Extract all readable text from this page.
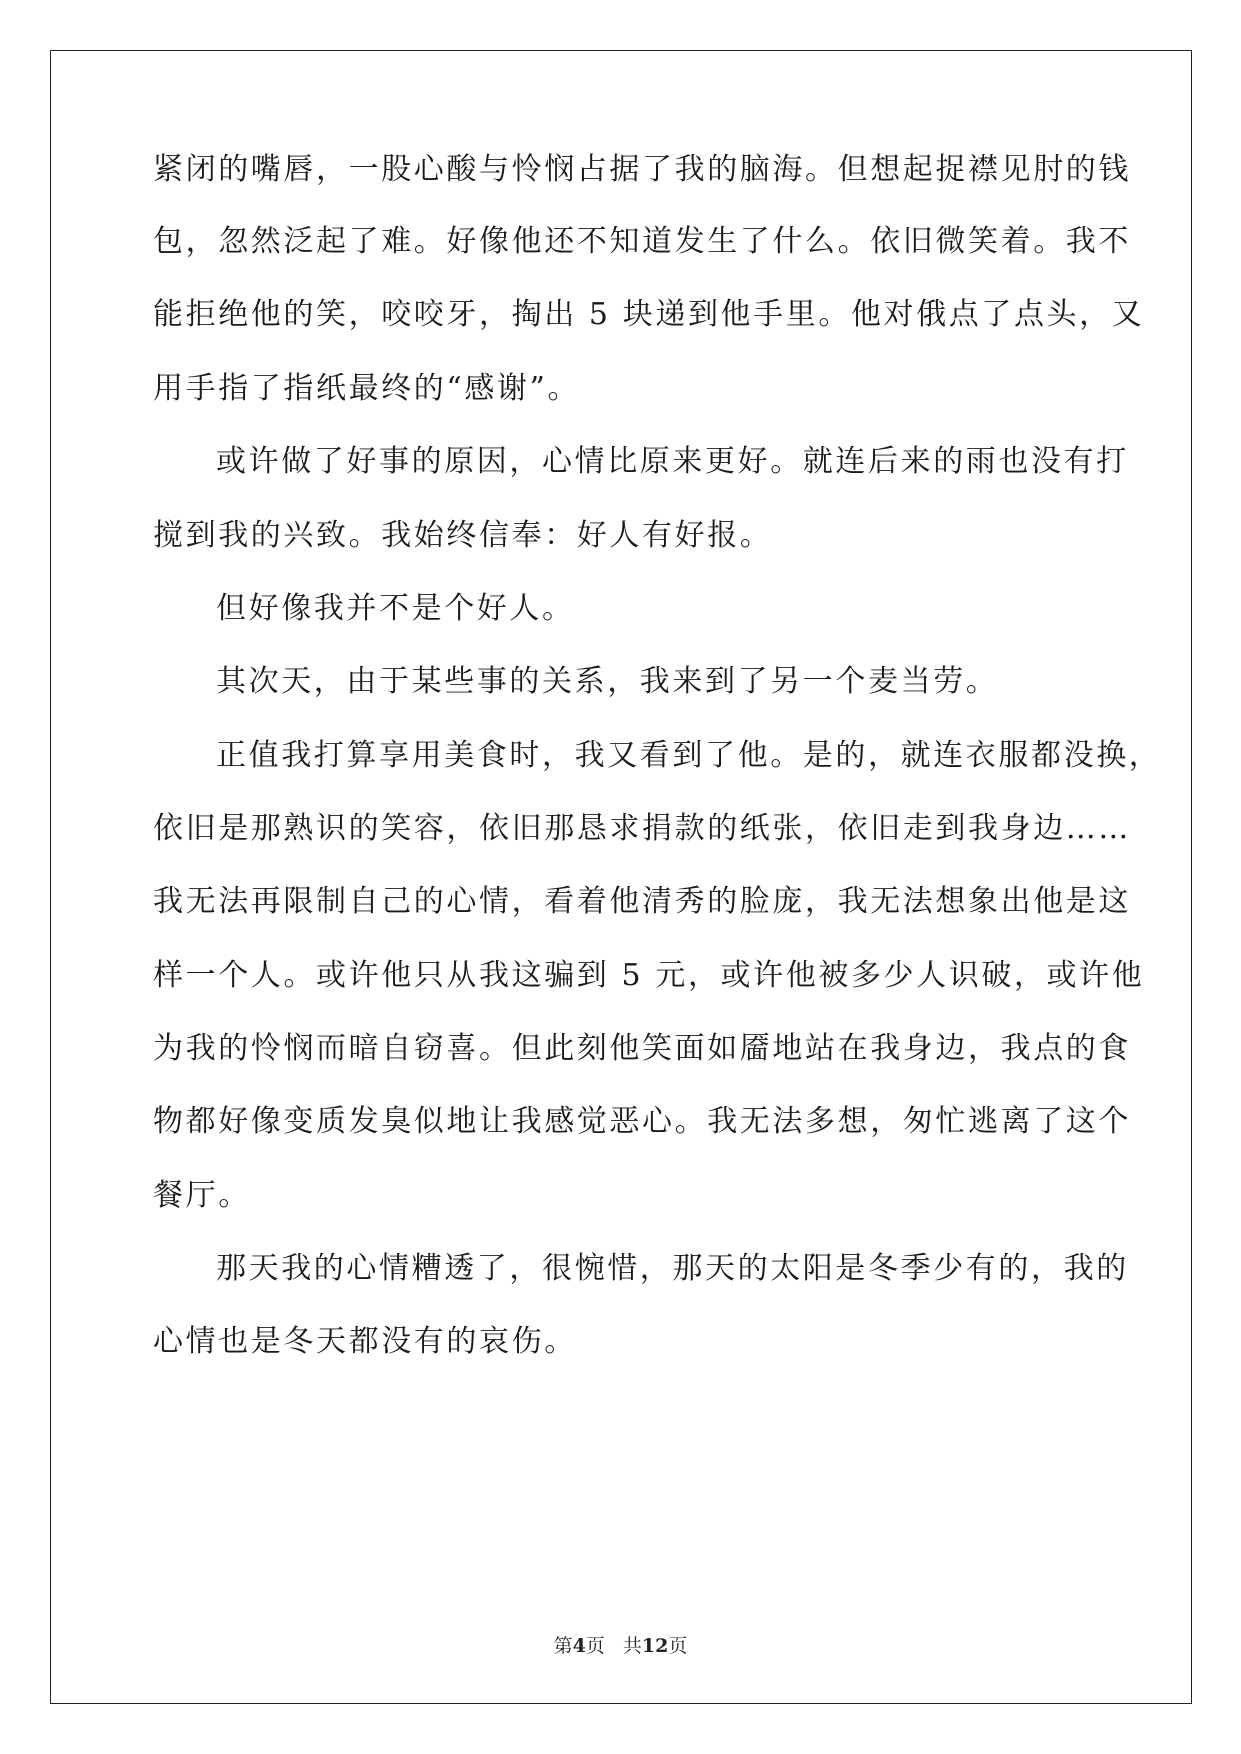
紧闭的嘴唇，一股心酸与怜悯占据了我的脑海。但想起捉襟见肘的钱
包，忽然泛起了难。好像他还不知道发生了什么。依旧微笑着。我不
能拒绝他的笑，咬咬牙，掏出 5 块递到他手里。他对俄点了点头，又
用手指了指纸最终的“感谢”。
或许做了好事的原因，心情比原来更好。就连后来的雨也没有打
搅到我的兴致。我始终信奉：好人有好报。
但好像我并不是个好人。
其次天，由于某些事的关系，我来到了另一个麦当劳。
正值我打算享用美食时，我又看到了他。是的，就连衣服都没换，
依旧是那熟识的笑容，依旧那恳求捐款的纸张，依旧走到我身边……
我无法再限制自己的心情，看着他清秀的脸庞，我无法想象出他是这
样一个人。或许他只从我这骗到 5 元，或许他被多少人识破，或许他
为我的怜悯而暗自窃喜。但此刻他笑面如靥地站在我身边，我点的食
物都好像变质发臭似地让我感觉恶心。我无法多想，匆忙逃离了这个
餐厅。
那天我的心情糟透了，很惋惜，那天的太阳是冬季少有的，我的
心情也是冬天都没有的哀伤。
第4页 共12页
